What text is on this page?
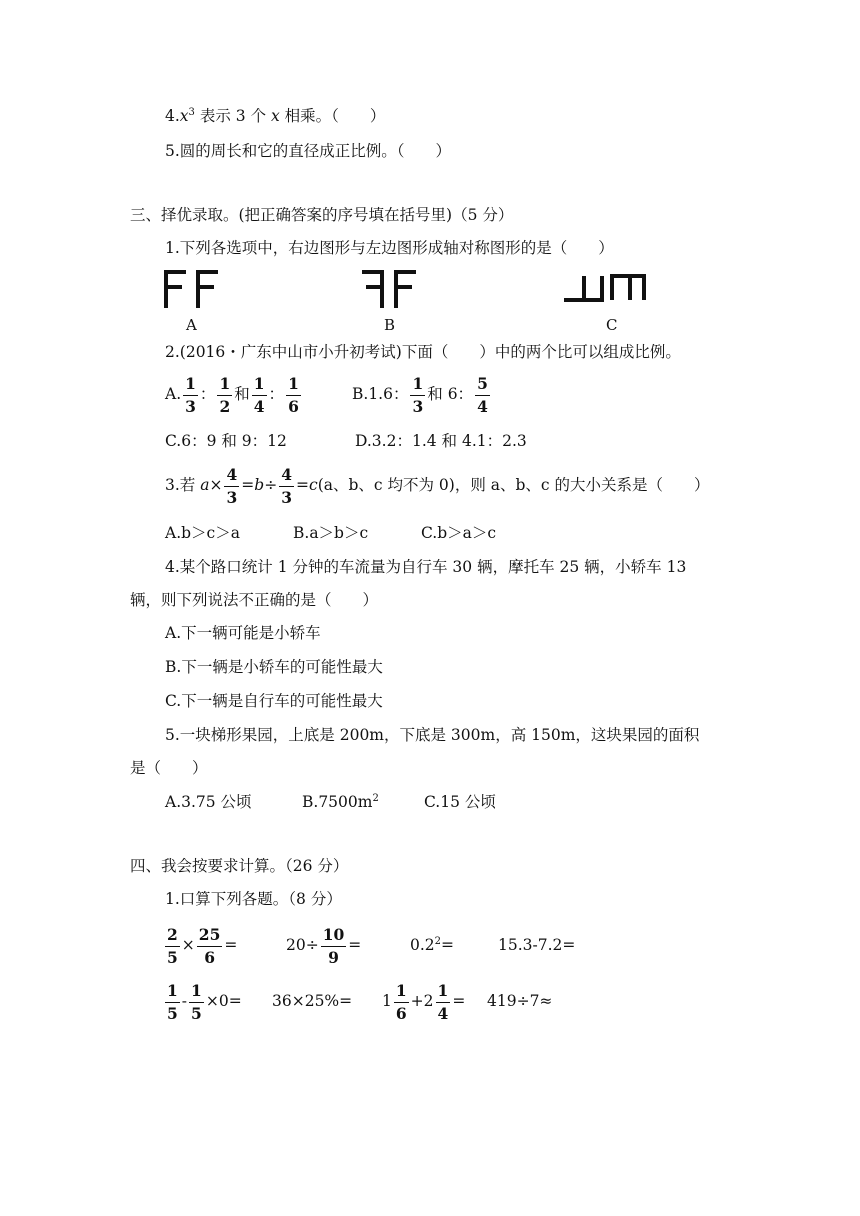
$4.x^3$ 表示 3 个 x 相乘。（　　）
5.圆的周长和它的直径成正比例。（　　）
三、择优录取。(把正确答案的序号填在括号里)（5 分）
1.下列各选项中，右边图形与左边图形成轴对称图形的是（　　）
A	B	C
2.(2016・广东中山市小升初考试)下面（　　）中的两个比可以组成比例。
A. $\frac{1}{3}$ ： $\frac{1}{2}$ 和 $\frac{1}{4}$ ： $\frac{1}{6}$	B.1.6： $\frac{1}{3}$ 和 6： $\frac{5}{4}$
C.6：9 和 9：12	D.3.2：1.4 和 4.1：2.3
3.若 $a\times \frac{4}{3} =b\div \frac{4}{3} =c(a$、b、c 均不为 0)，则 a、b、c 的大小关系是（　　）
A.b＞c＞a	B.a＞b＞c	C.b＞a＞c
4.某个路口统计 1 分钟的车流量为自行车 30 辆，摩托车 25 辆，小轿车 13
辆，则下列说法不正确的是（　　）
A.下一辆可能是小轿车
B.下一辆是小轿车的可能性最大
C.下一辆是自行车的可能性最大
5.一块梯形果园，上底是 200m，下底是 300m，高 150m，这块果园的面积
是（　　）
A.3.75 公顷	$B.7500m^2$	C.15 公顷
四、我会按要求计算。（26 分）
1.口算下列各题。（8 分）
$\frac{2}{5} \times \frac{25}{6}$ =	$20\div \frac{10}{9}$ =	$0.2^2=$	15.3-7.2=
$\frac{1}{5} - \frac{1}{5} \times 0= 36\times 25\%= 1 \frac{1}{6} +2 \frac{1}{4} = 419\div 7\approx$
